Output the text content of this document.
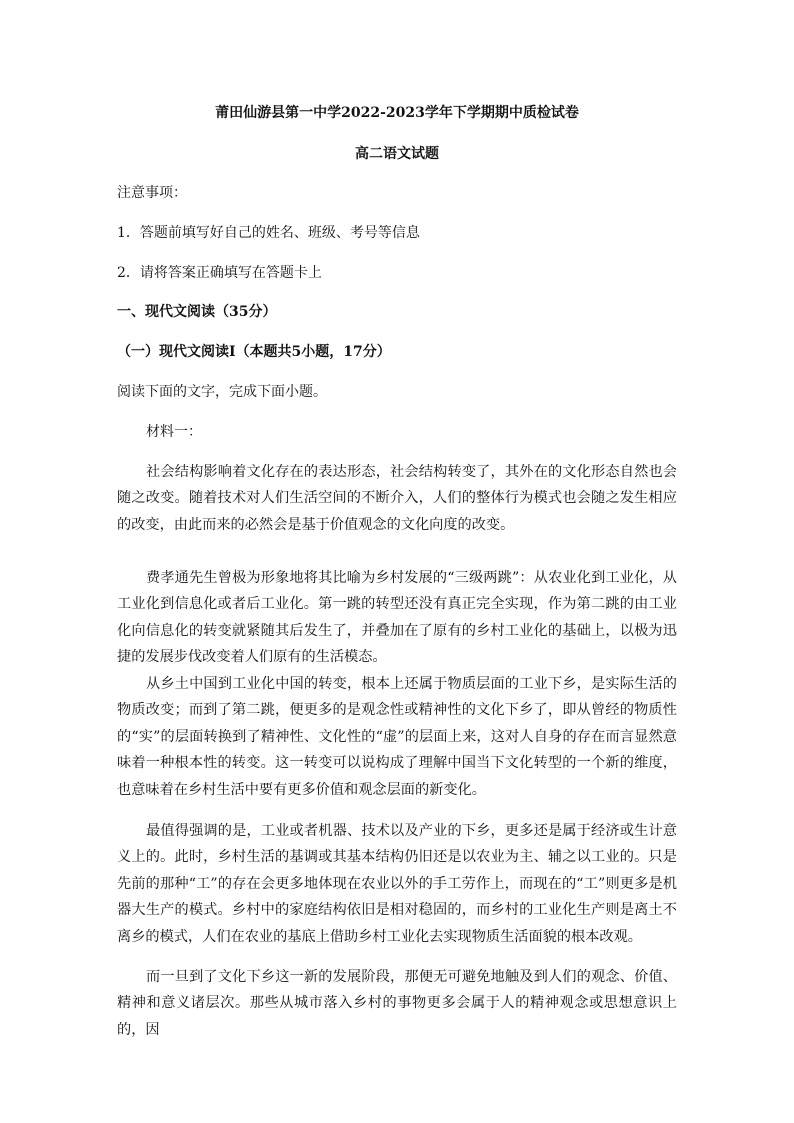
莆田仙游县第一中学2022-2023学年下学期期中质检试卷
高二语文试题
注意事项：
1．答题前填写好自己的姓名、班级、考号等信息
2．请将答案正确填写在答题卡上
一、现代文阅读（35分）
（一）现代文阅读Ⅰ（本题共5小题，17分）
阅读下面的文字，完成下面小题。
材料一：

社会结构影响着文化存在的表达形态，社会结构转变了，其外在的文化形态自然也会随之改变。随着技术对人们生活空间的不断介入，人们的整体行为模式也会随之发生相应的改变，由此而来的必然会是基于价值观念的文化向度的改变。

费孝通先生曾极为形象地将其比喻为乡村发展的“三级两跳”：从农业化到工业化，从工业化到信息化或者后工业化。第一跳的转型还没有真正完全实现，作为第二跳的由工业化向信息化的转变就紧随其后发生了，并叠加在了原有的乡村工业化的基础上，以极为迅捷的发展步伐改变着人们原有的生活模态。

从乡土中国到工业化中国的转变，根本上还属于物质层面的工业下乡，是实际生活的物质改变；而到了第二跳，便更多的是观念性或精神性的文化下乡了，即从曾经的物质性的“实”的层面转换到了精神性、文化性的“虚”的层面上来，这对人自身的存在而言显然意味着一种根本性的转变。这一转变可以说构成了理解中国当下文化转型的一个新的维度，也意味着在乡村生活中要有更多价值和观念层面的新变化。

最值得强调的是，工业或者机器、技术以及产业的下乡，更多还是属于经济或生计意义上的。此时，乡村生活的基调或其基本结构仍旧还是以农业为主、辅之以工业的。只是先前的那种“工”的存在会更多地体现在农业以外的手工劳作上，而现在的“工”则更多是机器大生产的模式。乡村中的家庭结构依旧是相对稳固的，而乡村的工业化生产则是离土不离乡的模式，人们在农业的基底上借助乡村工业化去实现物质生活面貌的根本改观。

而一旦到了文化下乡这一新的发展阶段，那便无可避免地触及到人们的观念、价值、精神和意义诸层次。那些从城市落入乡村的事物更多会属于人的精神观念或思想意识上的，因
